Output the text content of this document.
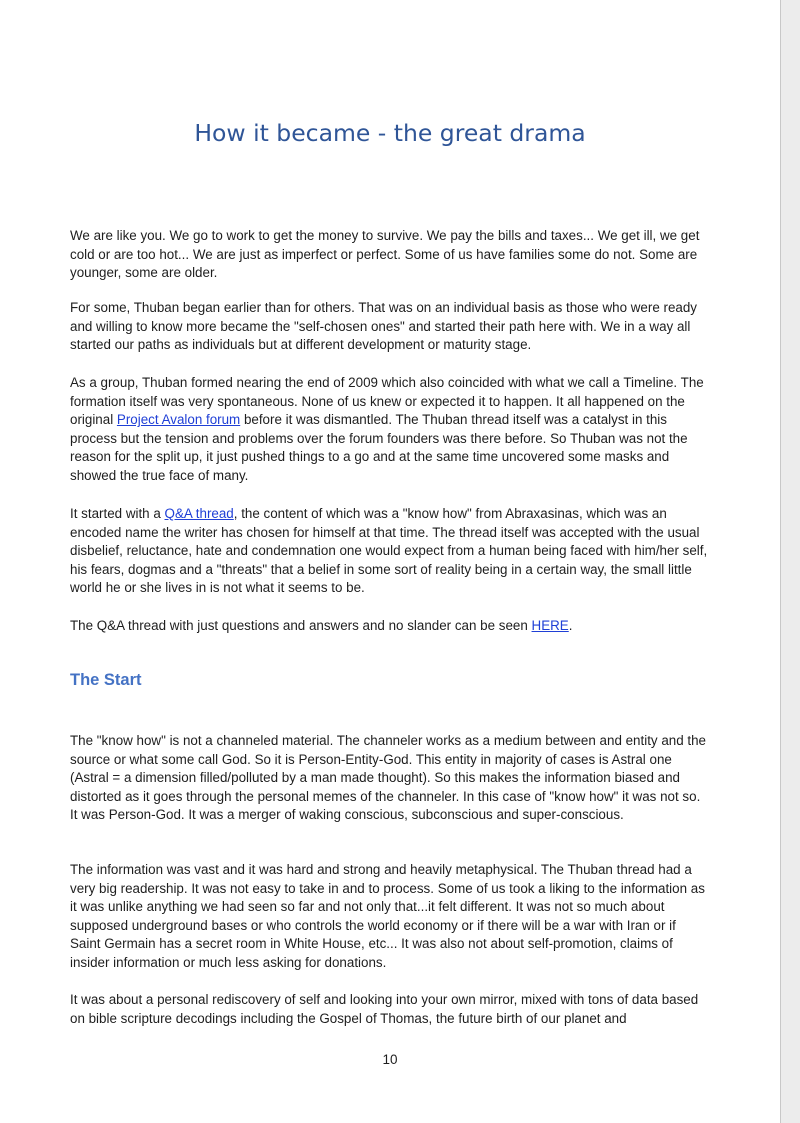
How it became - the great drama

We are like you. We go to work to get the money to survive. We pay the bills and taxes... We get ill, we get cold or are too hot... We are just as imperfect or perfect. Some of us have families some do not. Some are younger, some are older.

For some, Thuban began earlier than for others. That was on an individual basis as those who were ready and willing to know more became the "self-chosen ones" and started their path here with. We in a way all started our paths as individuals but at different development or maturity stage.

As a group, Thuban formed nearing the end of 2009 which also coincided with what we call a Timeline. The formation itself was very spontaneous. None of us knew or expected it to happen. It all happened on the original Project Avalon forum before it was dismantled. The Thuban thread itself was a catalyst in this process but the tension and problems over the forum founders was there before. So Thuban was not the reason for the split up, it just pushed things to a go and at the same time uncovered some masks and showed the true face of many.

It started with a Q&A thread, the content of which was a "know how" from Abraxasinas, which was an encoded name the writer has chosen for himself at that time. The thread itself was accepted with the usual disbelief, reluctance, hate and condemnation one would expect from a human being faced with him/her self, his fears, dogmas and a "threats" that a belief in some sort of reality being in a certain way, the small little world he or she lives in is not what it seems to be.

The Q&A thread with just questions and answers and no slander can be seen HERE.

The Start

The "know how" is not a channeled material. The channeler works as a medium between and entity and the source or what some call God. So it is Person-Entity-God. This entity in majority of cases is Astral one (Astral = a dimension filled/polluted by a man made thought). So this makes the information biased and distorted as it goes through the personal memes of the channeler. In this case of "know how" it was not so. It was Person-God. It was a merger of waking conscious, subconscious and super-conscious.

The information was vast and it was hard and strong and heavily metaphysical. The Thuban thread had a very big readership. It was not easy to take in and to process. Some of us took a liking to the information as it was unlike anything we had seen so far and not only that...it felt different. It was not so much about supposed underground bases or who controls the world economy or if there will be a war with Iran or if Saint Germain has a secret room in White House, etc... It was also not about self-promotion, claims of insider information or much less asking for donations.

It was about a personal rediscovery of self and looking into your own mirror, mixed with tons of data based on bible scripture decodings including the Gospel of Thomas, the future birth of our planet and

10
